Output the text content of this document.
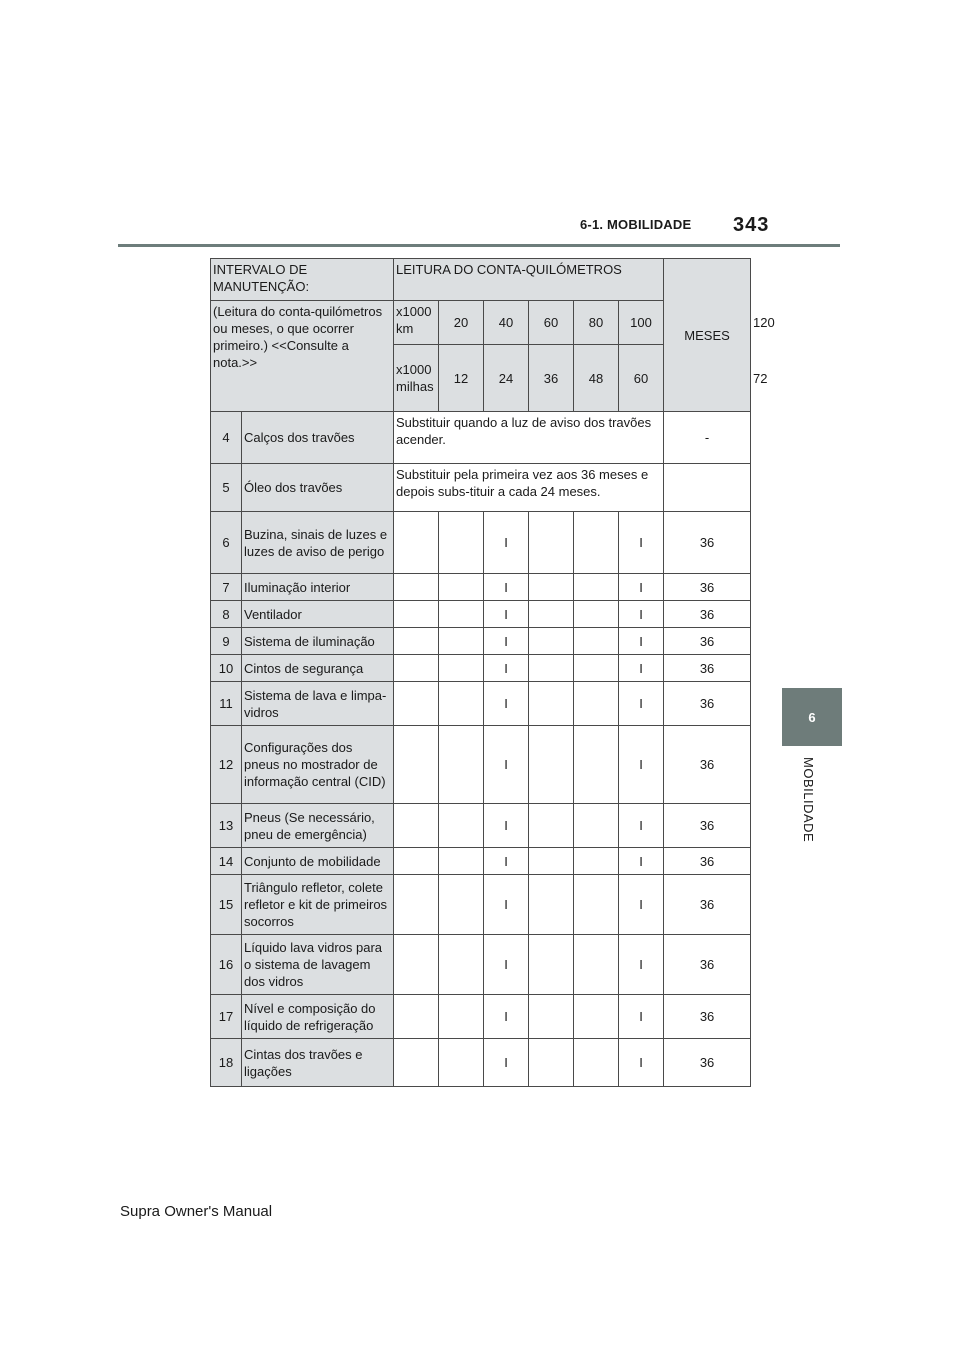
6-1. MOBILIDADE 343
6
MOBILIDADE
INTERVALO DE MANUTENÇÃO:		LEITURA DO CONTA-QUILÓMETROS						MESES	
(Leitura do conta-quilómetros ou meses, o que ocorrer primeiro.) <<Consulte a nota.>>		x1000 km	20	40	60	80	100		120
		x1000 milhas	12	24	36	48	60		72
4	Calços dos travões	Substituir quando a luz de aviso dos travões acender.						-	
5	Óleo dos travões	Substituir pela primeira vez aos 36 meses e depois subs-tituir a cada 24 meses.							
6	Buzina, sinais de luzes e luzes de aviso de perigo			I			I	36	
7	Iluminação interior			I			I	36	
8	Ventilador			I			I	36	
9	Sistema de iluminação			I			I	36	
10	Cintos de segurança			I			I	36	
11	Sistema de lava e limpa-vidros			I			I	36	
12	Configurações dos pneus no mostrador de informação central (CID)			I			I	36	
13	Pneus (Se necessário, pneu de emergência)			I			I	36	
14	Conjunto de mobilidade			I			I	36	
15	Triângulo refletor, colete refletor e kit de primeiros socorros			I			I	36	
16	Líquido lava vidros para o sistema de lavagem dos vidros			I			I	36	
17	Nível e composição do líquido de refrigeração			I			I	36	
18	Cintas dos travões e ligações			I			I	36	
Supra Owner's Manual
